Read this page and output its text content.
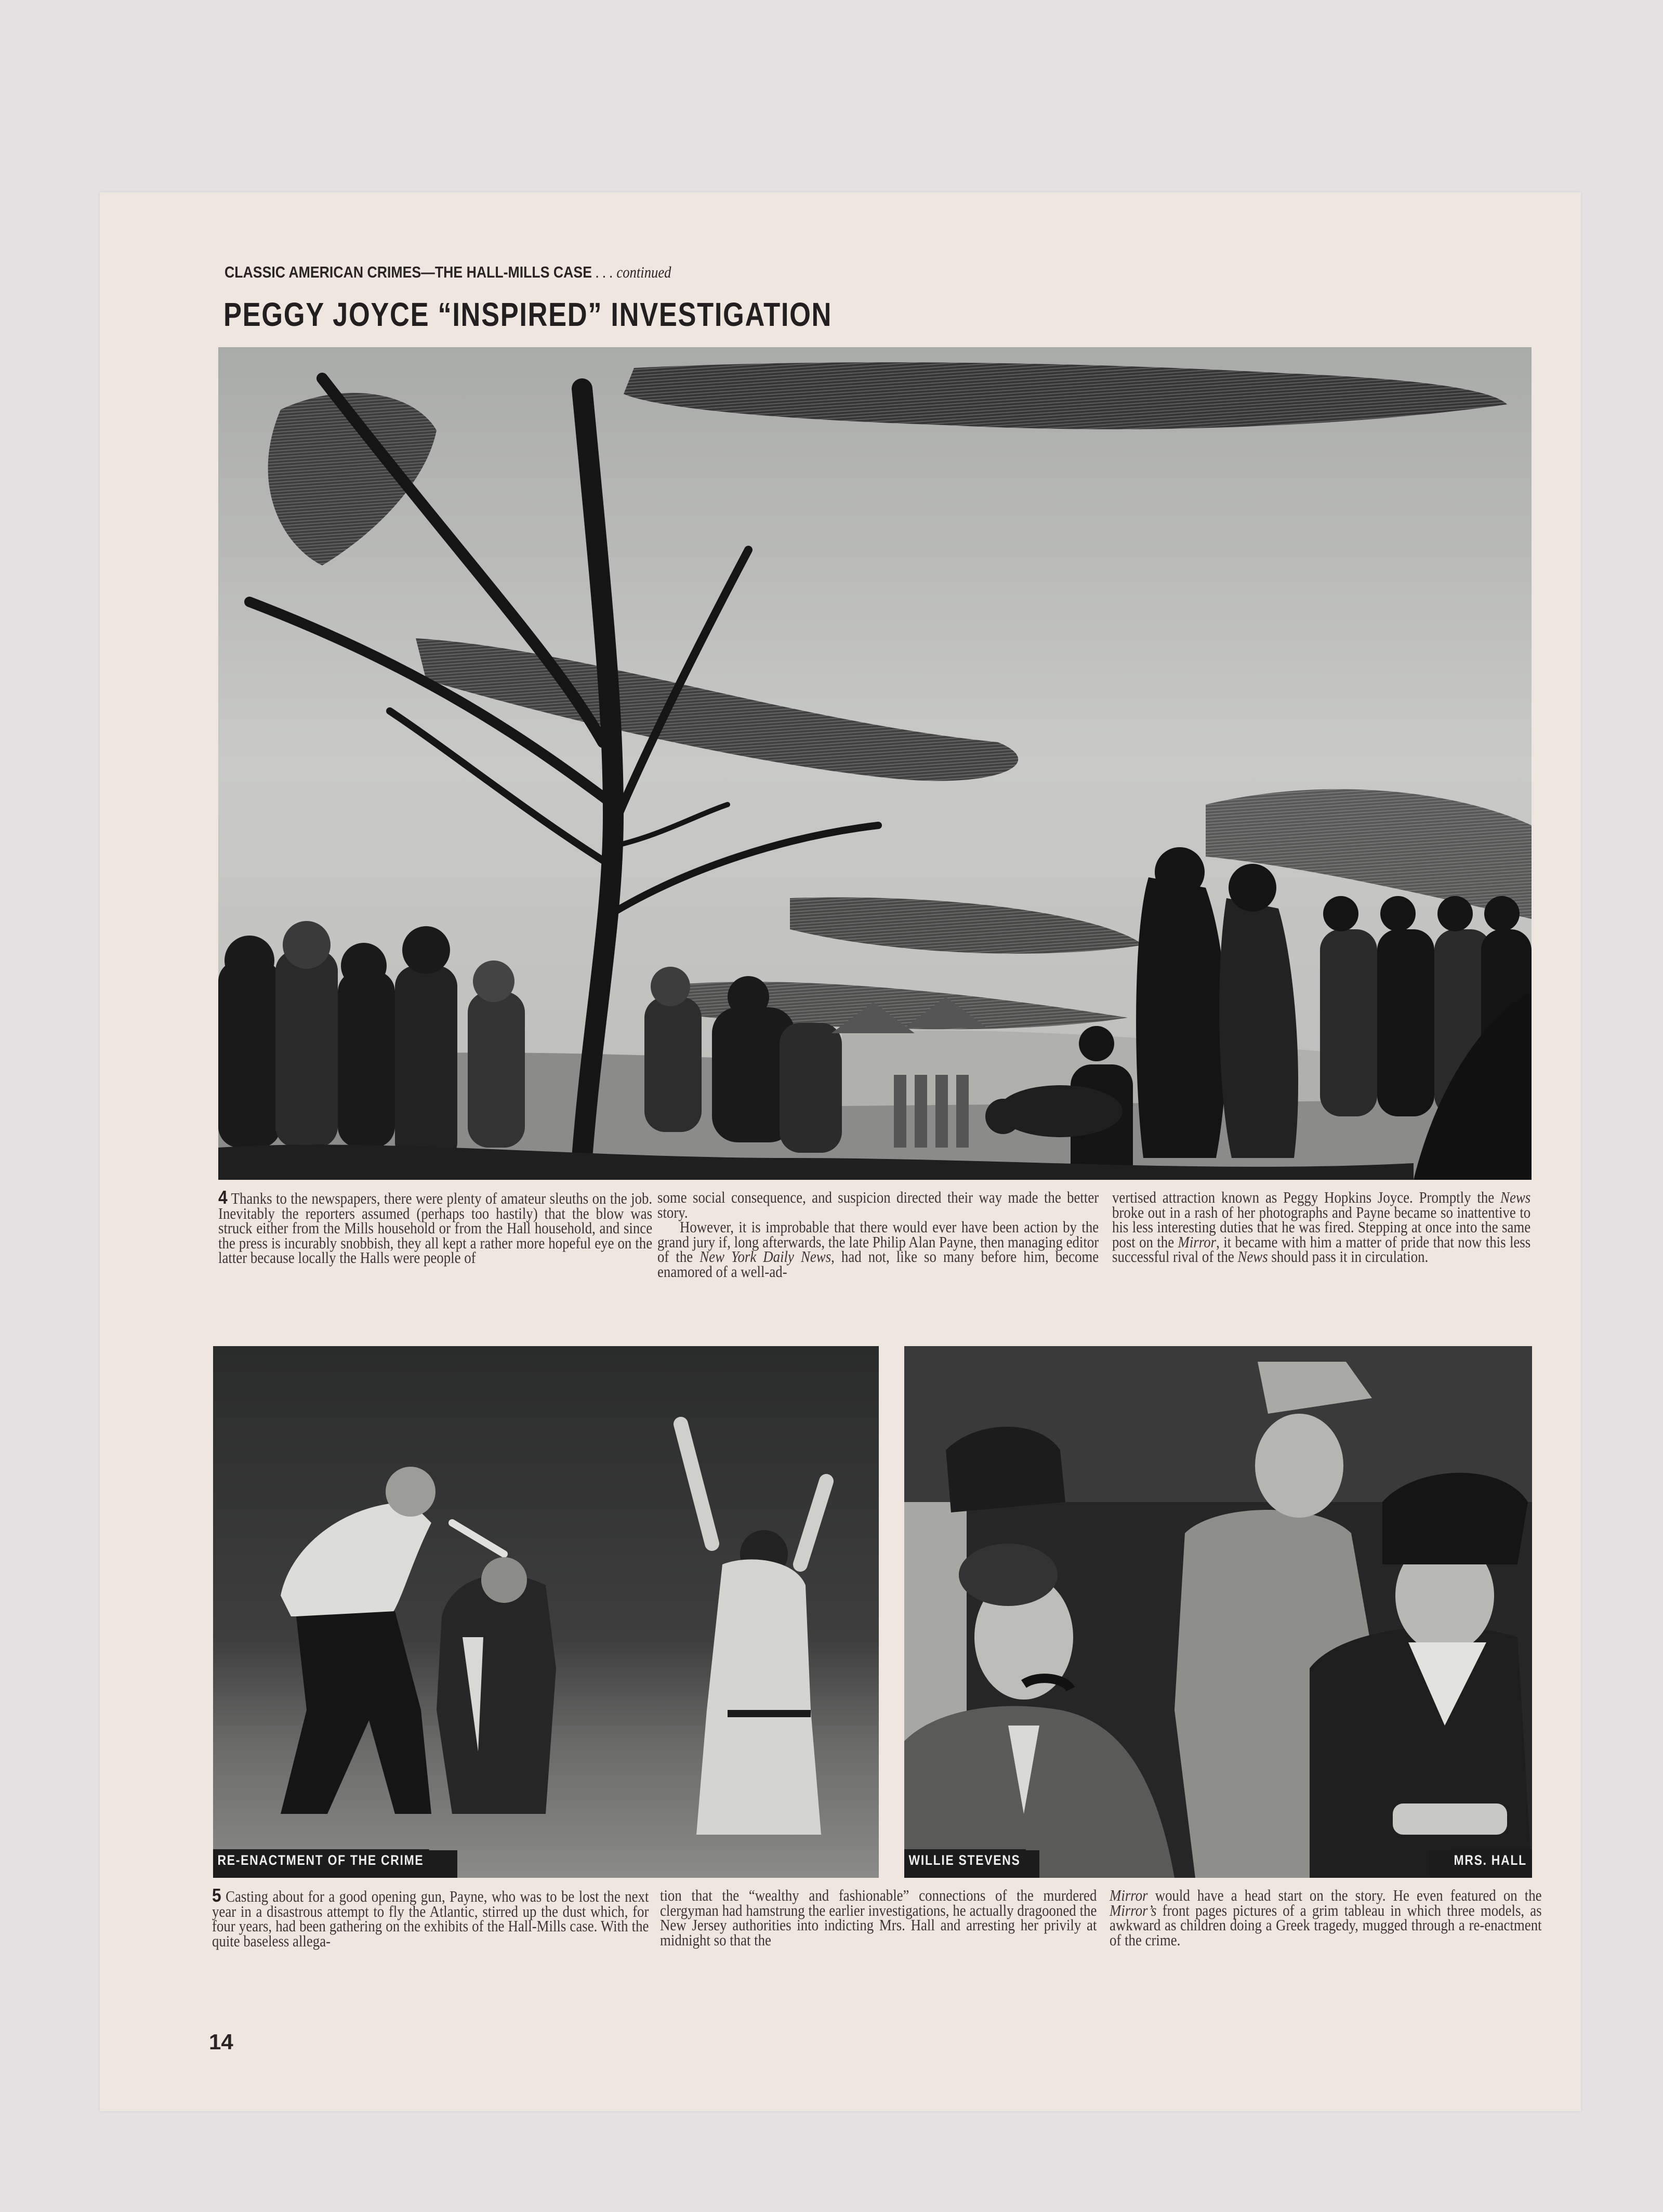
CLASSIC AMERICAN CRIMES—THE HALL-MILLS CASE . . . continued
PEGGY JOYCE “INSPIRED” INVESTIGATION

4 Thanks to the newspapers, there were plenty of amateur sleuths on the job. Inevitably the reporters assumed (perhaps too hastily) that the blow was struck either from the Mills household or from the Hall household, and since the press is incurably snobbish, they all kept a rather more hopeful eye on the latter because locally the Halls were people of

some social consequence, and suspicion directed their way made the better story.

However, it is improbable that there would ever have been action by the grand jury if, long afterwards, the late Philip Alan Payne, then managing editor of the New York Daily News, had not, like so many before him, become enamored of a well-ad-

vertised attraction known as Peggy Hopkins Joyce. Promptly the News broke out in a rash of her photographs and Payne became so inattentive to his less interesting duties that he was fired. Stepping at once into the same post on the Mirror, it became with him a matter of pride that now this less successful rival of the News should pass it in circulation.

RE-ENACTMENT OF THE CRIME	WILLIE STEVENS	MRS. HALL

5 Casting about for a good opening gun, Payne, who was to be lost the next year in a disastrous attempt to fly the Atlantic, stirred up the dust which, for four years, had been gathering on the exhibits of the Hall-Mills case. With the quite baseless allega-

tion that the “wealthy and fashionable” connections of the murdered clergyman had hamstrung the earlier investigations, he actually dragooned the New Jersey authorities into indicting Mrs. Hall and arresting her privily at midnight so that the

Mirror would have a head start on the story. He even featured on the Mirror’s front pages pictures of a grim tableau in which three models, as awkward as children doing a Greek tragedy, mugged through a re-enactment of the crime.

14
